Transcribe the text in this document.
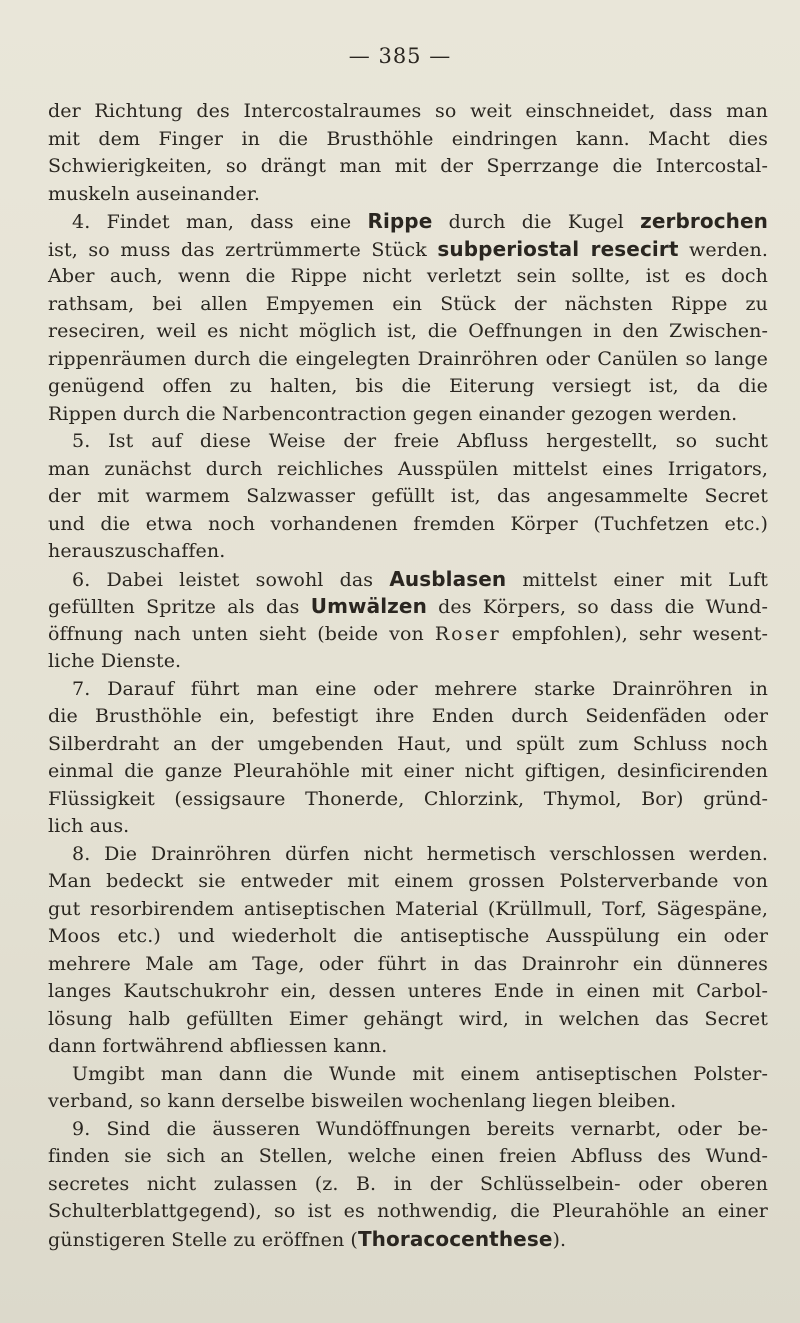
— 385 —
der Richtung des Intercostalraumes so weit einschneidet, dass man
mit dem Finger in die Brusthöhle eindringen kann. Macht dies
Schwierigkeiten, so drängt man mit der Sperrzange die Intercostal-
muskeln auseinander.
4. Findet man, dass eine Rippe durch die Kugel zerbrochen
ist, so muss das zertrümmerte Stück subperiostal resecirt werden.
Aber auch, wenn die Rippe nicht verletzt sein sollte, ist es doch
rathsam, bei allen Empyemen ein Stück der nächsten Rippe zu
reseciren, weil es nicht möglich ist, die Oeffnungen in den Zwischen-
rippenräumen durch die eingelegten Drainröhren oder Canülen so lange
genügend offen zu halten, bis die Eiterung versiegt ist, da die
Rippen durch die Narbencontraction gegen einander gezogen werden.
5. Ist auf diese Weise der freie Abfluss hergestellt, so sucht
man zunächst durch reichliches Ausspülen mittelst eines Irrigators,
der mit warmem Salzwasser gefüllt ist, das angesammelte Secret
und die etwa noch vorhandenen fremden Körper (Tuchfetzen etc.)
herauszuschaffen.
6. Dabei leistet sowohl das Ausblasen mittelst einer mit Luft
gefüllten Spritze als das Umwälzen des Körpers, so dass die Wund-
öffnung nach unten sieht (beide von Roser empfohlen), sehr wesent-
liche Dienste.
7. Darauf führt man eine oder mehrere starke Drainröhren in
die Brusthöhle ein, befestigt ihre Enden durch Seidenfäden oder
Silberdraht an der umgebenden Haut, und spült zum Schluss noch
einmal die ganze Pleurahöhle mit einer nicht giftigen, desinficirenden
Flüssigkeit (essigsaure Thonerde, Chlorzink, Thymol, Bor) gründ-
lich aus.
8. Die Drainröhren dürfen nicht hermetisch verschlossen werden.
Man bedeckt sie entweder mit einem grossen Polsterverbande von
gut resorbirendem antiseptischen Material (Krüllmull, Torf, Sägespäne,
Moos etc.) und wiederholt die antiseptische Ausspülung ein oder
mehrere Male am Tage, oder führt in das Drainrohr ein dünneres
langes Kautschukrohr ein, dessen unteres Ende in einen mit Carbol-
lösung halb gefüllten Eimer gehängt wird, in welchen das Secret
dann fortwährend abfliessen kann.
Umgibt man dann die Wunde mit einem antiseptischen Polster-
verband, so kann derselbe bisweilen wochenlang liegen bleiben.
9. Sind die äusseren Wundöffnungen bereits vernarbt, oder be-
finden sie sich an Stellen, welche einen freien Abfluss des Wund-
secretes nicht zulassen (z. B. in der Schlüsselbein- oder oberen
Schulterblattgegend), so ist es nothwendig, die Pleurahöhle an einer
günstigeren Stelle zu eröffnen (Thoracocenthese).
